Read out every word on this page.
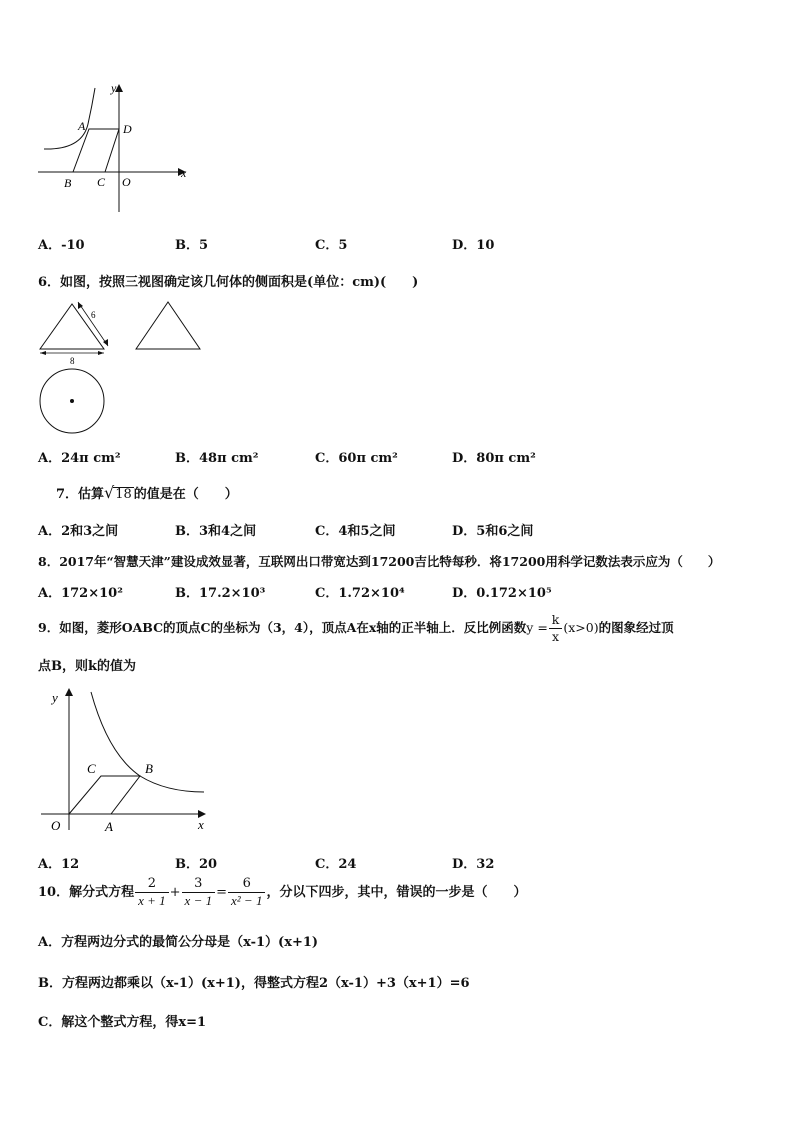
A	D
B C O
x
y
A．-10	B．5	C．5	D．10
6．如图，按照三视图确定该几何体的侧面积是(单位：cm)(　　)
6
8
A．24π cm²	B．48π cm²	C．60π cm²	D．80π cm²
7．估算√18 的值是在（　　）
A．2和3之间	B．3和4之间	C．4和5之间	D．5和6之间
8．2017年“智慧天津”建设成效显著，互联网出口带宽达到17200吉比特每秒．将17200用科学记数法表示应为（　　）
A．172×10²	B．17.2×10³	C．1.72×10⁴	D．0.172×10⁵
9．如图，菱形OABC的顶点C的坐标为（3，4），顶点A在x轴的正半轴上．反比例函数$y = \frac{k}{x} (x>0)$的图象经过顶
点B，则k的值为
y
C	B
O	A	x
A．12	B．20	C．24	D．32
10．解分式方程 $\frac{2}{x + 1} + \frac{3}{x - 1} = \frac{6}{\text{x² − 1}}$ ，分以下四步，其中，错误的一步是（　　）
A．方程两边分式的最简公分母是（x-1）(x+1)
B．方程两边都乘以（x-1）(x+1)，得整式方程2（x-1）+3（x+1）=6
C．解这个整式方程，得x=1
